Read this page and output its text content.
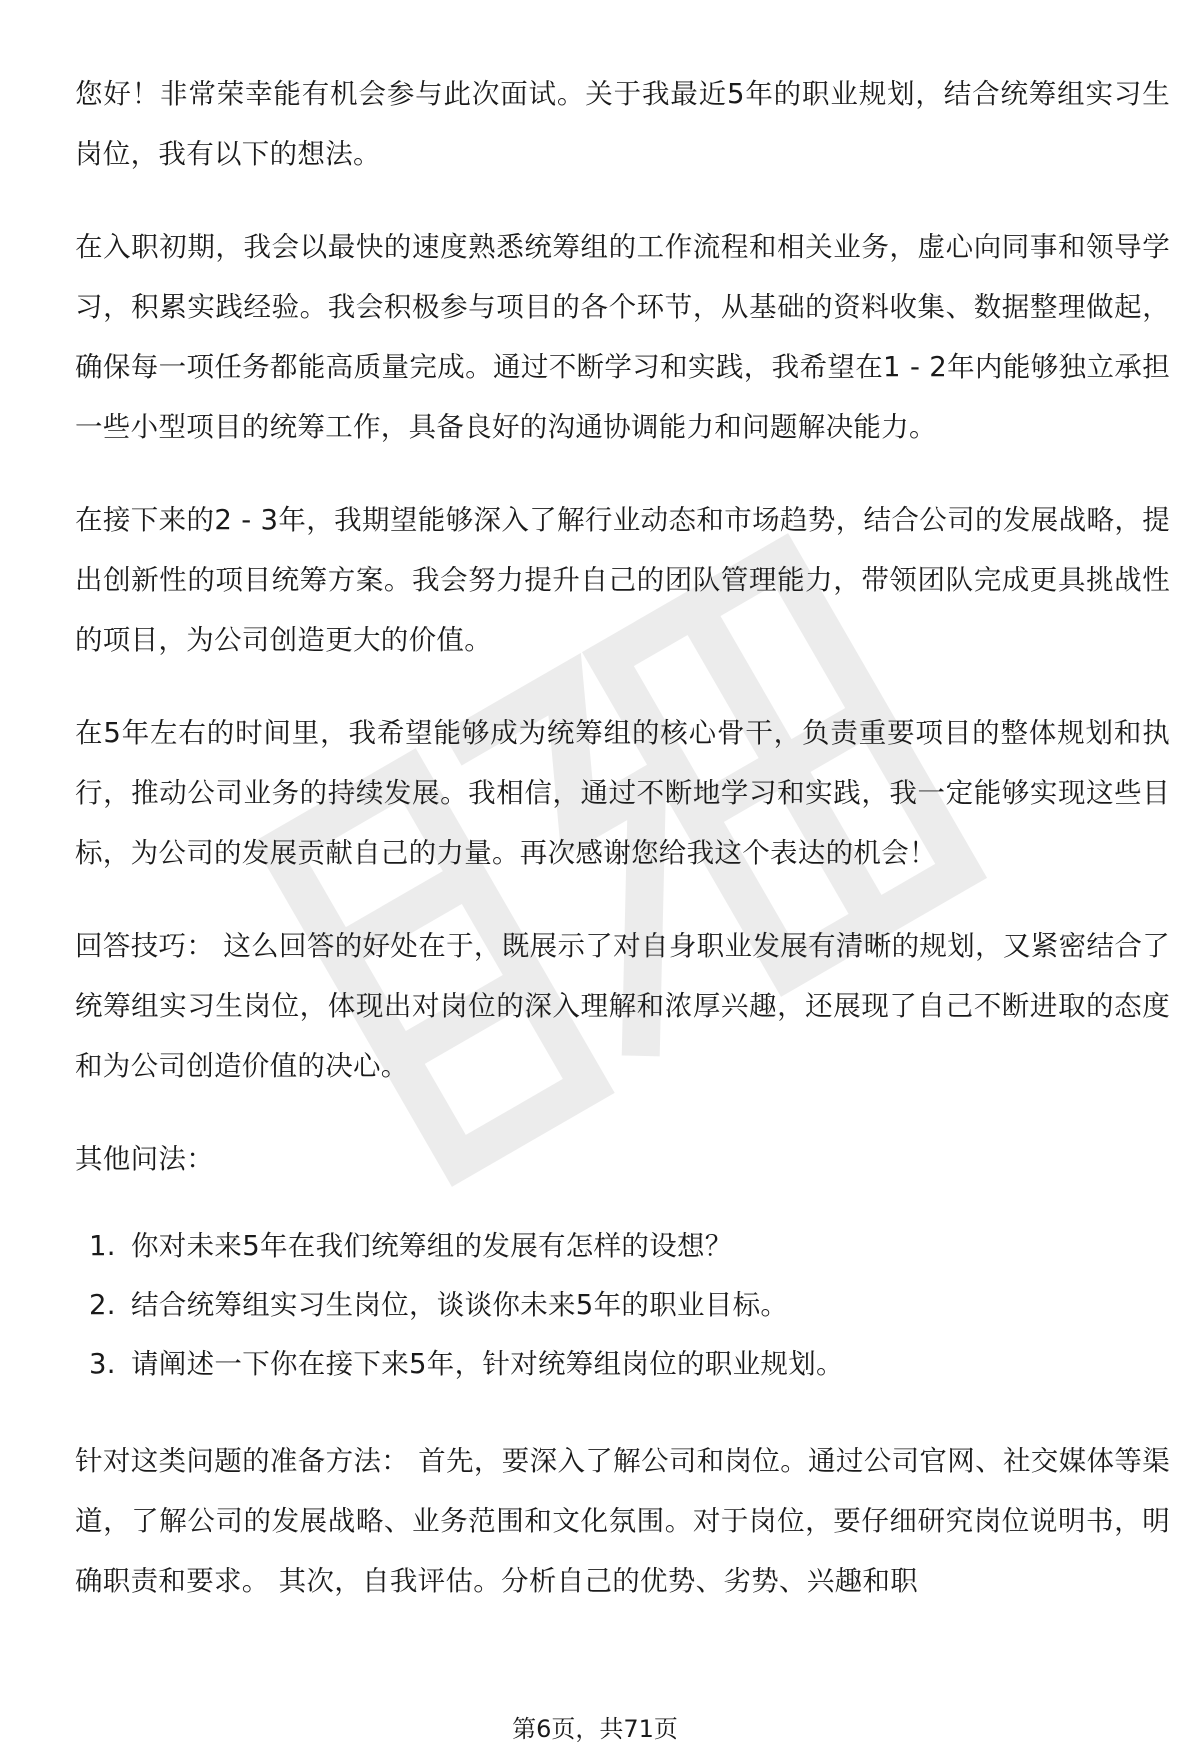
您好！非常荣幸能有机会参与此次面试。关于我最近5年的职业规划，结合统筹组实习生岗位，我有以下的想法。

在入职初期，我会以最快的速度熟悉统筹组的工作流程和相关业务，虚心向同事和领导学习，积累实践经验。我会积极参与项目的各个环节，从基础的资料收集、数据整理做起，确保每一项任务都能高质量完成。通过不断学习和实践，我希望在1 - 2年内能够独立承担一些小型项目的统筹工作，具备良好的沟通协调能力和问题解决能力。

在接下来的2 - 3年，我期望能够深入了解行业动态和市场趋势，结合公司的发展战略，提出创新性的项目统筹方案。我会努力提升自己的团队管理能力，带领团队完成更具挑战性的项目，为公司创造更大的价值。

在5年左右的时间里，我希望能够成为统筹组的核心骨干，负责重要项目的整体规划和执行，推动公司业务的持续发展。我相信，通过不断地学习和实践，我一定能够实现这些目标，为公司的发展贡献自己的力量。再次感谢您给我这个表达的机会！

回答技巧： 这么回答的好处在于，既展示了对自身职业发展有清晰的规划，又紧密结合了统筹组实习生岗位，体现出对岗位的深入理解和浓厚兴趣，还展现了自己不断进取的态度和为公司创造价值的决心。

其他问法：

1. 你对未来5年在我们统筹组的发展有怎样的设想？
2. 结合统筹组实习生岗位，谈谈你未来5年的职业目标。
3. 请阐述一下你在接下来5年，针对统筹组岗位的职业规划。

针对这类问题的准备方法： 首先，要深入了解公司和岗位。通过公司官网、社交媒体等渠道，了解公司的发展战略、业务范围和文化氛围。对于岗位，要仔细研究岗位说明书，明确职责和要求。 其次，自我评估。分析自己的优势、劣势、兴趣和职

第6页，共71页
